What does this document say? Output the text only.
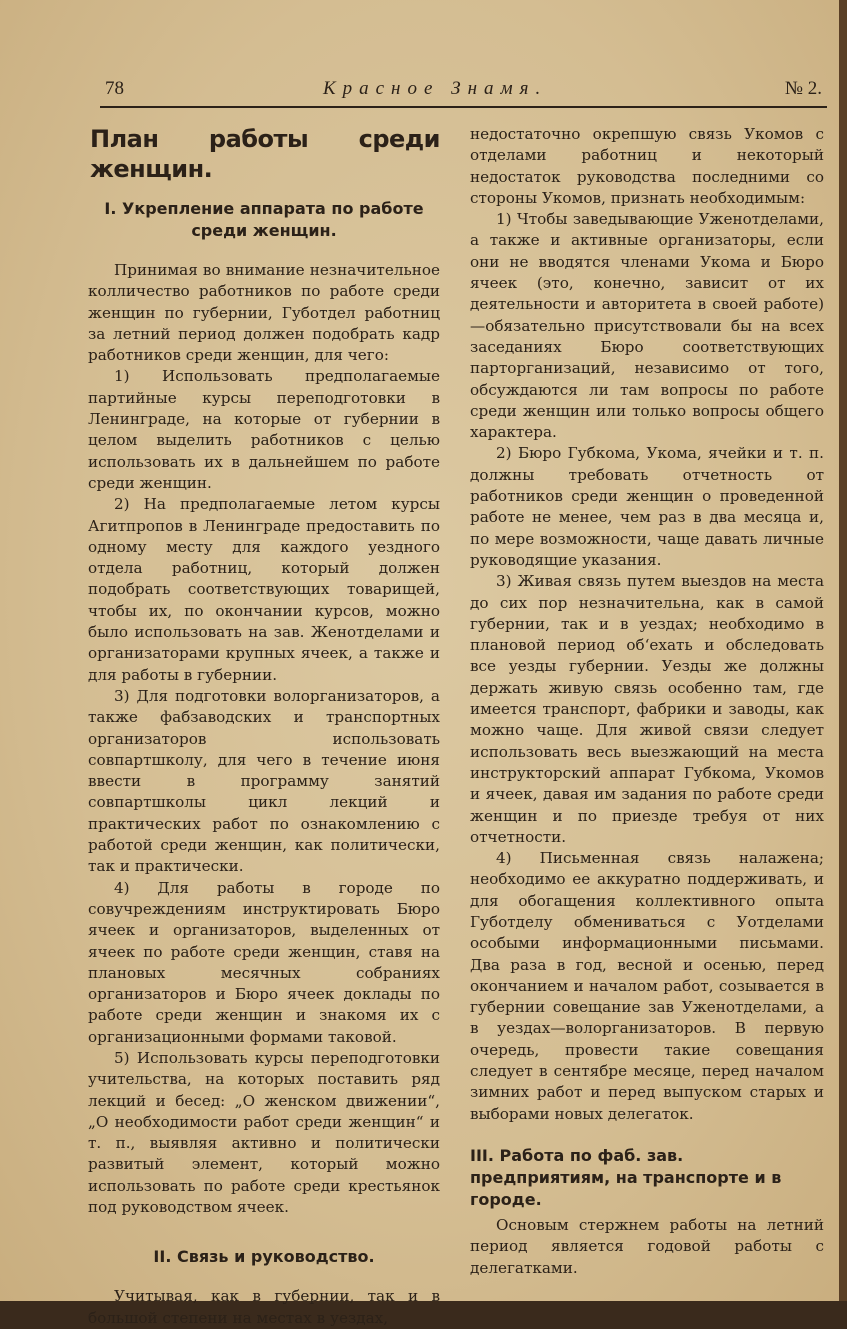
78	Красное Знамя.	№ 2.
План работы среди женщин.
I. Укрепление аппарата по работе среди женщин.

Принимая во внимание незначительное колличество работников по работе среди женщин по губернии, Губотдел работниц за летний период должен подобрать кадр работников среди женщин, для чего:

1) Использовать предполагаемые партийные курсы переподготовки в Ленинграде, на которые от губернии в целом выделить работников с целью использовать их в дальнейшем по работе среди женщин.

2) На предполагаемые летом курсы Агитпропов в Ленинграде предоставить по одному месту для каждого уездного отдела работниц, который должен подобрать соответствующих товарищей, чтобы их, по окончании курсов, можно было использовать на зав. Женотделами и организаторами крупных ячеек, а также и для работы в губернии.

3) Для подготовки волорганизаторов, а также фабзаводских и транспортных организаторов использовать совпартшколу, для чего в течение июня ввести в программу занятий совпартшколы цикл лекций и практических работ по ознакомлению с работой среди женщин, как политически, так и практически.

4) Для работы в городе по совучреждениям инструктировать Бюро ячеек и организаторов, выделенных от ячеек по работе среди женщин, ставя на плановых месячных собраниях организаторов и Бюро ячеек доклады по работе среди женщин и знакомя их с организационными формами таковой.

5) Использовать курсы переподготовки учительства, на которых поставить ряд лекций и бесед: „О женском движении“, „О необходимости работ среди женщин“ и т. п., выявляя активно и политически развитый элемент, который можно использовать по работе среди крестьянок под руководством ячеек.

II. Связь и руководство.

Учитывая, как в губернии, так и в большой степени на местах в уездах,

недостаточно окрепшую связь Укомов с отделами работниц и некоторый недостаток руководства последними со стороны Укомов, признать необходимым:

1) Чтобы заведывающие Уженотделами, а также и активные организаторы, если они не вводятся членами Укома и Бюро ячеек (это, конечно, зависит от их деятельности и авторитета в своей работе)—обязательно присутствовали бы на всех заседаниях Бюро соответствующих парторганизаций, независимо от того, обсуждаются ли там вопросы по работе среди женщин или только вопросы общего характера.

2) Бюро Губкома, Укома, ячейки и т. п. должны требовать отчетность от работников среди женщин о проведенной работе не менее, чем раз в два месяца и, по мере возможности, чаще давать личные руководящие указания.

3) Живая связь путем выездов на места до сих пор незначительна, как в самой губернии, так и в уездах; необходимо в плановой период об‘ехать и обследовать все уезды губернии. Уезды же должны держать живую связь особенно там, где имеется транспорт, фабрики и заводы, как можно чаще. Для живой связи следует использовать весь выезжающий на места инструкторский аппарат Губкома, Укомов и ячеек, давая им задания по работе среди женщин и по приезде требуя от них отчетности.

4) Письменная связь налажена; необходимо ее аккуратно поддерживать, и для обогащения коллективного опыта Губотделу обмениваться с Уотделами особыми информационными письмами. Два раза в год, весной и осенью, перед окончанием и началом работ, созывается в губернии совещание зав Уженотделами, а в уездах—волорганизаторов. В первую очередь, провести такие совещания следует в сентябре месяце, перед началом зимних работ и перед выпуском старых и выборами новых делегаток.

III. Работа по фаб. зав. предприятиям, на транспорте и в городе.

Основым стержнем работы на летний период является годовой работы с делегатками.
